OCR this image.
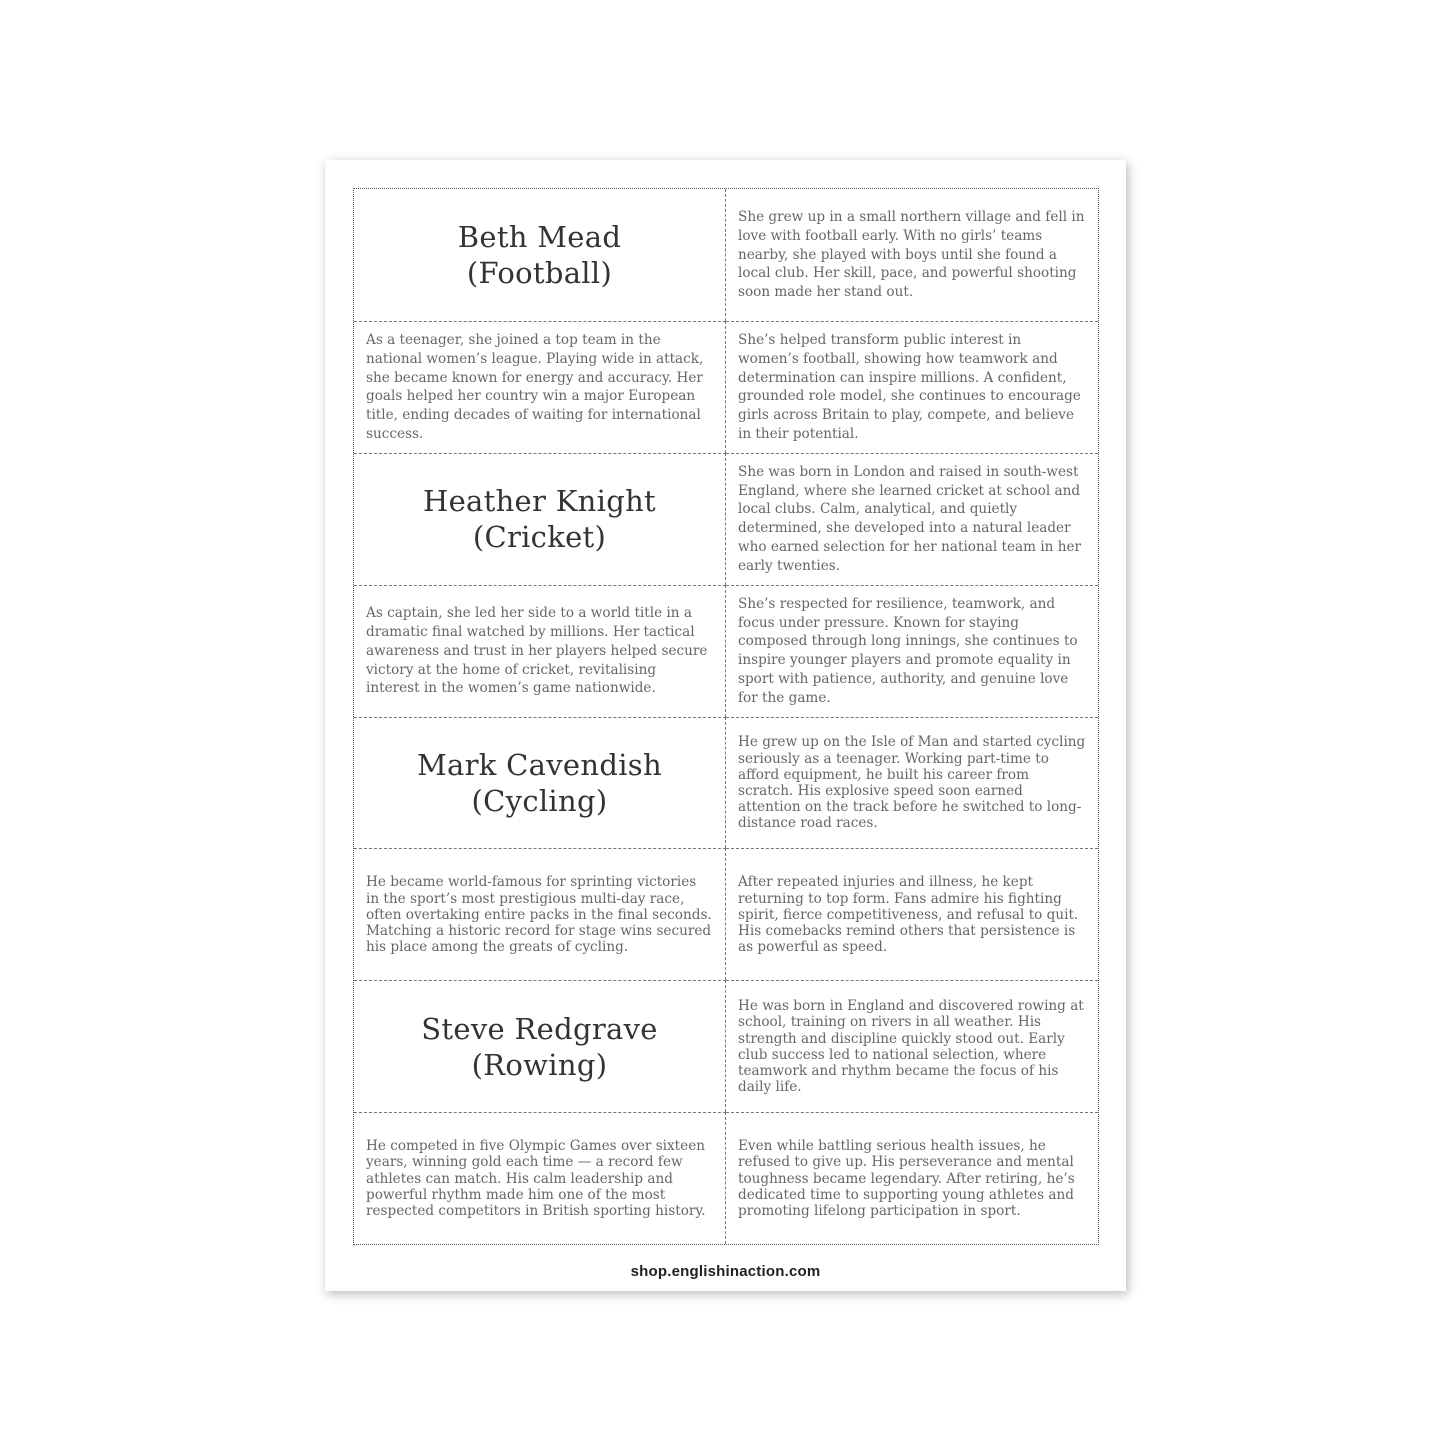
Beth Mead
(Football)

She grew up in a small northern village and fell in love with football early. With no girls’ teams nearby, she played with boys until she found a local club. Her skill, pace, and powerful shooting soon made her stand out.

As a teenager, she joined a top team in the national women’s league. Playing wide in attack, she became known for energy and accuracy. Her goals helped her country win a major European title, ending decades of waiting for international success.

She’s helped transform public interest in women’s football, showing how teamwork and determination can inspire millions. A confident, grounded role model, she continues to encourage girls across Britain to play, compete, and believe in their potential.

Heather Knight
(Cricket)

She was born in London and raised in south-west England, where she learned cricket at school and local clubs. Calm, analytical, and quietly determined, she developed into a natural leader who earned selection for her national team in her early twenties.

As captain, she led her side to a world title in a dramatic final watched by millions. Her tactical awareness and trust in her players helped secure victory at the home of cricket, revitalising interest in the women’s game nationwide.

She’s respected for resilience, teamwork, and focus under pressure. Known for staying composed through long innings, she continues to inspire younger players and promote equality in sport with patience, authority, and genuine love for the game.

Mark Cavendish
(Cycling)

He grew up on the Isle of Man and started cycling seriously as a teenager. Working part-time to afford equipment, he built his career from scratch. His explosive speed soon earned attention on the track before he switched to long-distance road races.

He became world-famous for sprinting victories in the sport’s most prestigious multi-day race, often overtaking entire packs in the final seconds. Matching a historic record for stage wins secured his place among the greats of cycling.

After repeated injuries and illness, he kept returning to top form. Fans admire his fighting spirit, fierce competitiveness, and refusal to quit. His comebacks remind others that persistence is as powerful as speed.

Steve Redgrave
(Rowing)

He was born in England and discovered rowing at school, training on rivers in all weather. His strength and discipline quickly stood out. Early club success led to national selection, where teamwork and rhythm became the focus of his daily life.

He competed in five Olympic Games over sixteen years, winning gold each time — a record few athletes can match. His calm leadership and powerful rhythm made him one of the most respected competitors in British sporting history.

Even while battling serious health issues, he refused to give up. His perseverance and mental toughness became legendary. After retiring, he’s dedicated time to supporting young athletes and promoting lifelong participation in sport.

shop.englishinaction.com
